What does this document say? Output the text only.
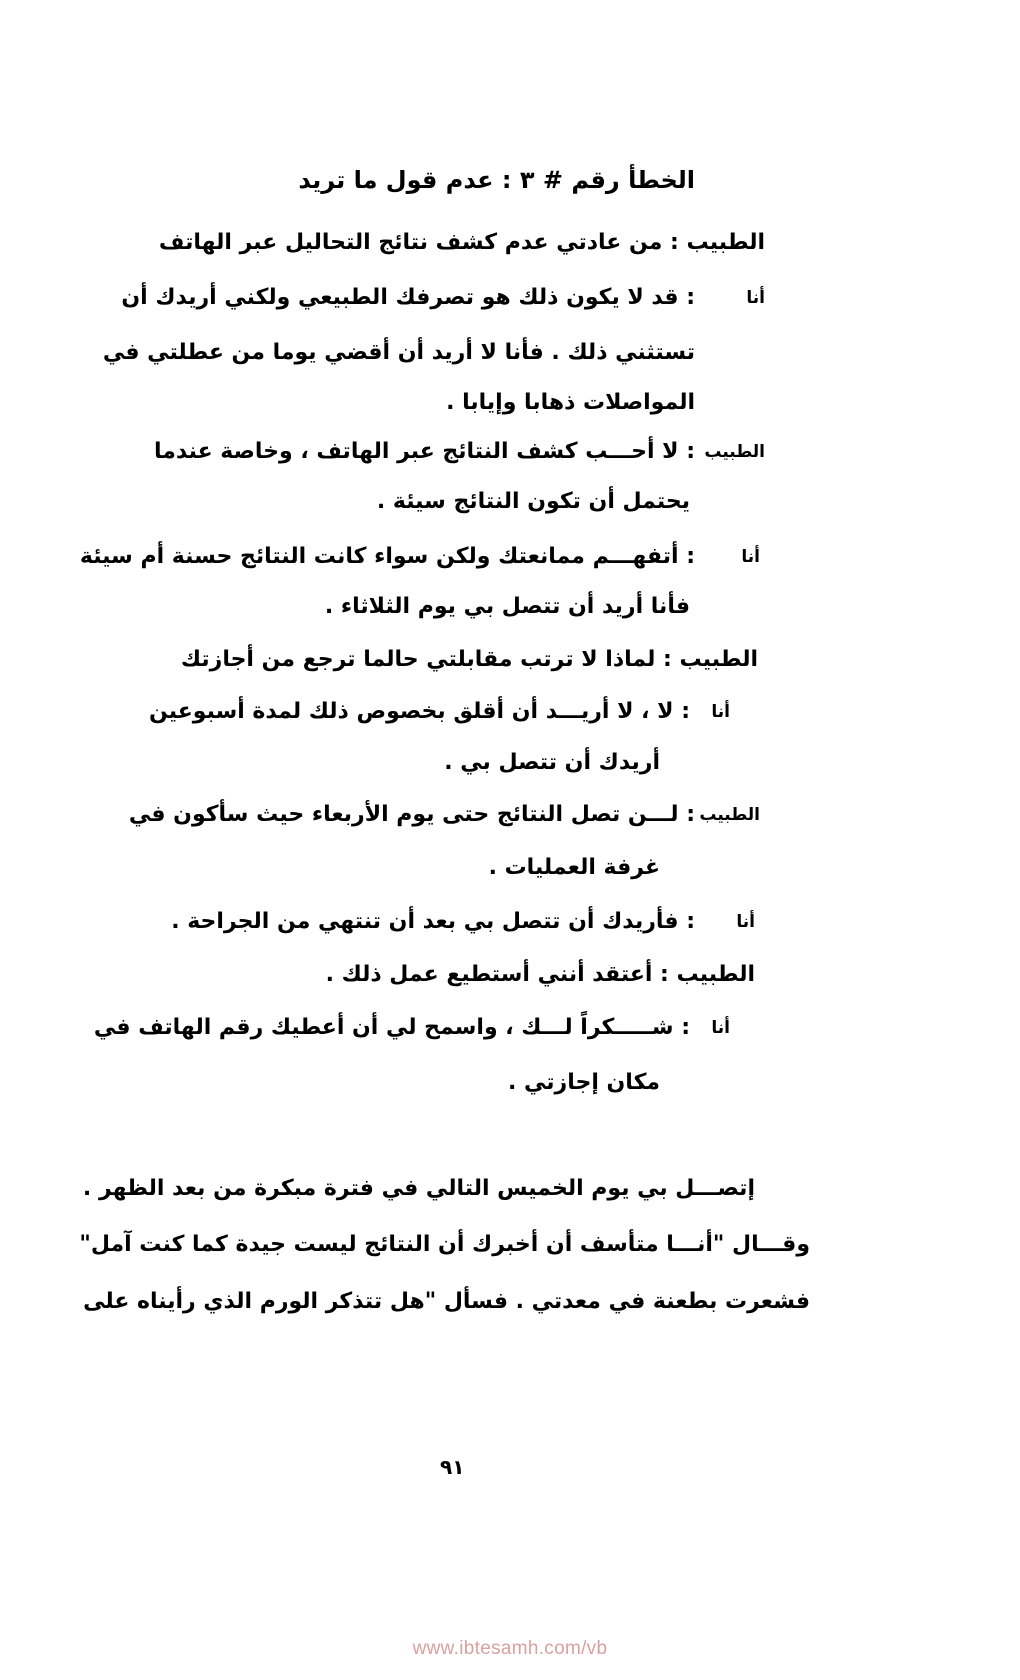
الخطأ رقم # ٣ : عدم قول ما تريد
الطبيب : من عادتي عدم كشف نتائج التحاليل عبر الهاتف
أنا
: قد لا يكون ذلك هو تصرفك الطبيعي ولكني أريدك أن
تستثني ذلك . فأنا لا أريد أن أقضي يوما من عطلتي في
المواصلات ذهابا وإيابا .
الطبيب
: لا أحـــب كشف النتائج عبر الهاتف ، وخاصة عندما
يحتمل أن تكون النتائج سيئة .
أنا
: أتفهـــم ممانعتك ولكن سواء كانت النتائج حسنة أم سيئة
فأنا أريد أن تتصل بي يوم الثلاثاء .
الطبيب : لماذا لا ترتب مقابلتي حالما ترجع من أجازتك
أنا
: لا ، لا أريـــد أن أقلق بخصوص ذلك لمدة أسبوعين
أريدك أن تتصل بي .
الطبيب
: لـــن تصل النتائج حتى يوم الأربعاء حيث سأكون في
غرفة العمليات .
أنا
: فأريدك أن تتصل بي بعد أن تنتهي من الجراحة .
الطبيب : أعتقد أنني أستطيع عمل ذلك .
أنا
: شـــــكراً لـــك ، واسمح لي أن أعطيك رقم الهاتف في
مكان إجازتي .
إتصـــل بي يوم الخميس التالي في فترة مبكرة من بعد الظهر .
وقـــال "أنـــا متأسف أن أخبرك أن النتائج ليست جيدة كما كنت آمل"
فشعرت بطعنة في معدتي . فسأل "هل تتذكر الورم الذي رأيناه على
٩١
www.ibtesamh.com/vb
